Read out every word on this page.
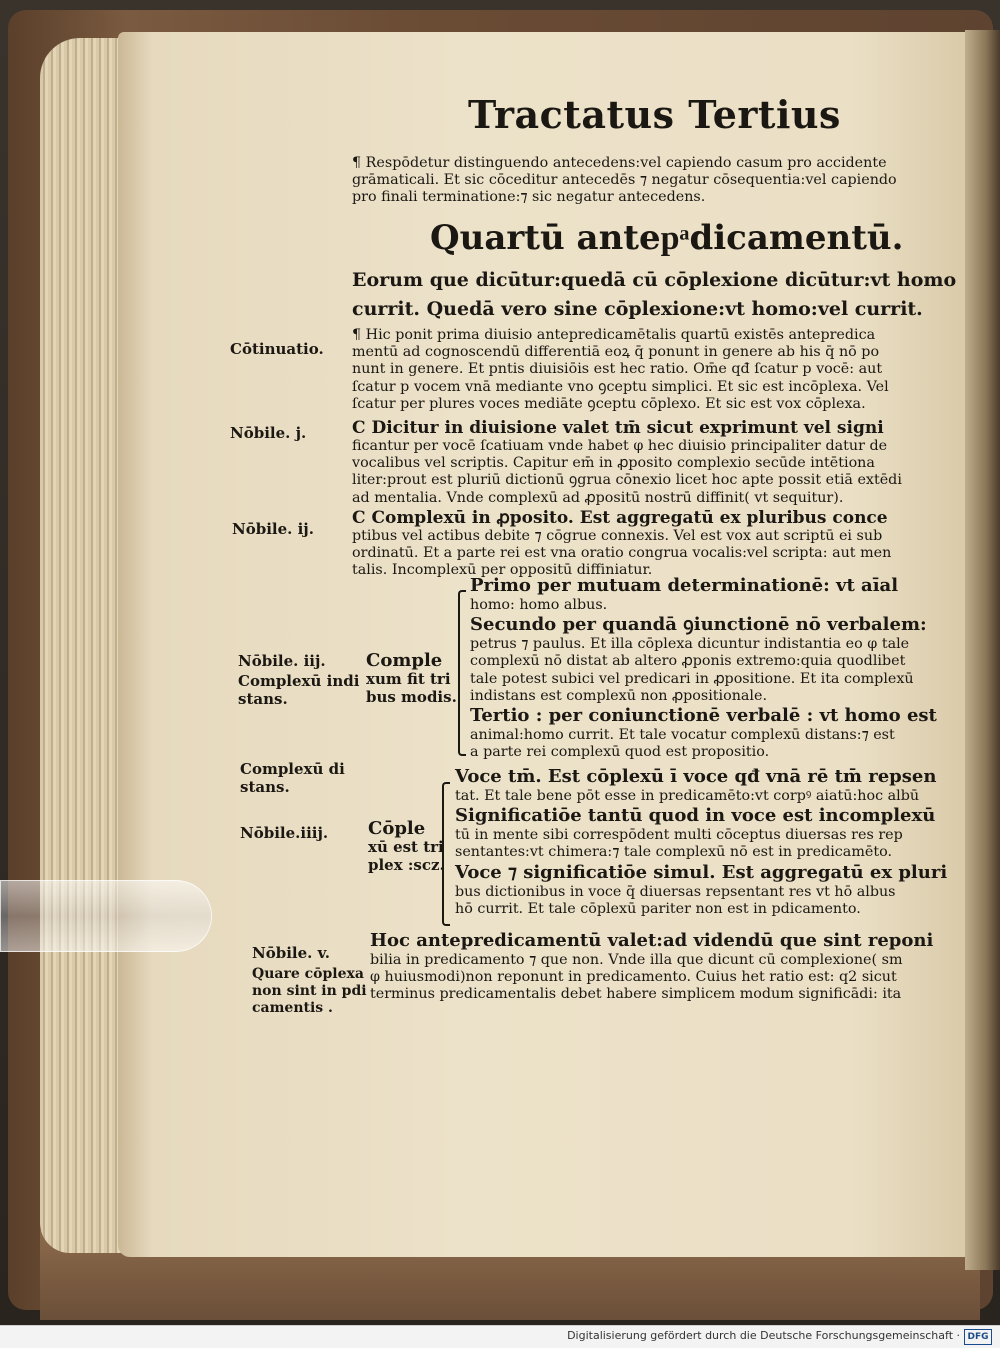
Tractatus Tertius
¶ Respōdetur distinguendo antecedens:vel capiendo casum pro accidente
grāmaticali. Et sic cōceditur antecedēs ⁊ negatur cōsequentia:vel capiendo
pro finali terminatione:⁊ sic negatur antecedens.
Quartū antepͣdicamentū.
Eorum que dicūtur:quedā cū cōplexione dicūtur:vt homo
currit. Quedā vero sine cōplexione:vt homo:vel currit.
¶ Hic ponit prima diuisio antepredicamētalis quartū existēs antepredica
mentū ad cognoscendū differentiā eoꝝ q̄ ponunt in genere ab his q̄ nō po
nunt in genere. Et pntis diuisiōis est hec ratio. Om̄e qđ ſcatur p vocē: aut
ſcatur p vocem vnā mediante vno ꝯceptu simplici. Et sic est incōplexa. Vel
ſcatur per plures voces mediāte ꝯceptu cōplexo. Et sic est vox cōplexa.
C Dicitur in diuisione valet tm̄ sicut exprimunt vel signi
ficantur per vocē ſcatiuam vnde habet φ hec diuisio principaliter datur de
vocalibus vel scriptis. Capitur em̄ in ꝓposito complexio secūde intētiona
liter:prout est pluriū dictionū ꝯgrua cōnexio licet hoc apte possit etiā extēdi
ad mentalia. Vnde complexū ad ꝓpositū nostrū diffinit( vt sequitur).
C Complexū in ꝓposito. Est aggregatū ex pluribus conce
ptibus vel actibus debite ⁊ cōgrue connexis. Vel est vox aut scriptū ei sub
ordinatū. Et a parte rei est vna oratio congrua vocalis:vel scripta: aut men
talis. Incomplexū per oppositū diffiniatur.
Comple
xum fit tri
bus modis.
Primo per mutuam determinationē: vt aīal
homo: homo albus.
Secundo per quandā ꝯiunctionē nō verbalem:
petrus ⁊ paulus. Et illa cōplexa dicuntur indistantia eo φ tale
complexū nō distat ab altero ꝓponis extremo:quia quodlibet
tale potest subici vel predicari in ꝓpositione. Et ita complexū
indistans est complexū non ꝓpositionale.
Tertio : per coniunctionē verbalē : vt homo est
animal:homo currit. Et tale vocatur complexū distans:⁊ est
a parte rei complexū quod est propositio.
Cōple
xū est tri
plex :scz.
Voce tm̄. Est cōplexū ī voce qđ vnā rē tm̄ repsen
tat. Et tale bene pōt esse in predicamēto:vt corpꝰ aiatū:hoc albū
Significatiōe tantū quod in voce est incomplexū
tū in mente sibi correspōdent multi cōceptus diuersas res rep
sentantes:vt chimera:⁊ tale complexū nō est in predicamēto.
Voce ⁊ significatiōe simul. Est aggregatū ex pluri
bus dictionibus in voce q̄ diuersas repsentant res vt hō albus
hō currit. Et tale cōplexū pariter non est in pdicamento.
Hoc antepredicamentū valet:ad videndū que sint reponi
bilia in predicamento ⁊ que non. Vnde illa que dicunt cū complexione( sm
φ huiusmodi)non reponunt in predicamento. Cuius het ratio est: q2 sicut
terminus predicamentalis debet habere simplicem modum significādi: ita
Cōtinuatio.
Nōbile. j.
Nōbile. ij.
Nōbile. iij.
Complexū indi
stans.
Complexū di
stans.
Nōbile.iiij.
Nōbile. v.
Quare cōplexa
non sint in pdi
camentis .
Digitalisierung gefördert durch die Deutsche Forschungsgemeinschaft · DFG
